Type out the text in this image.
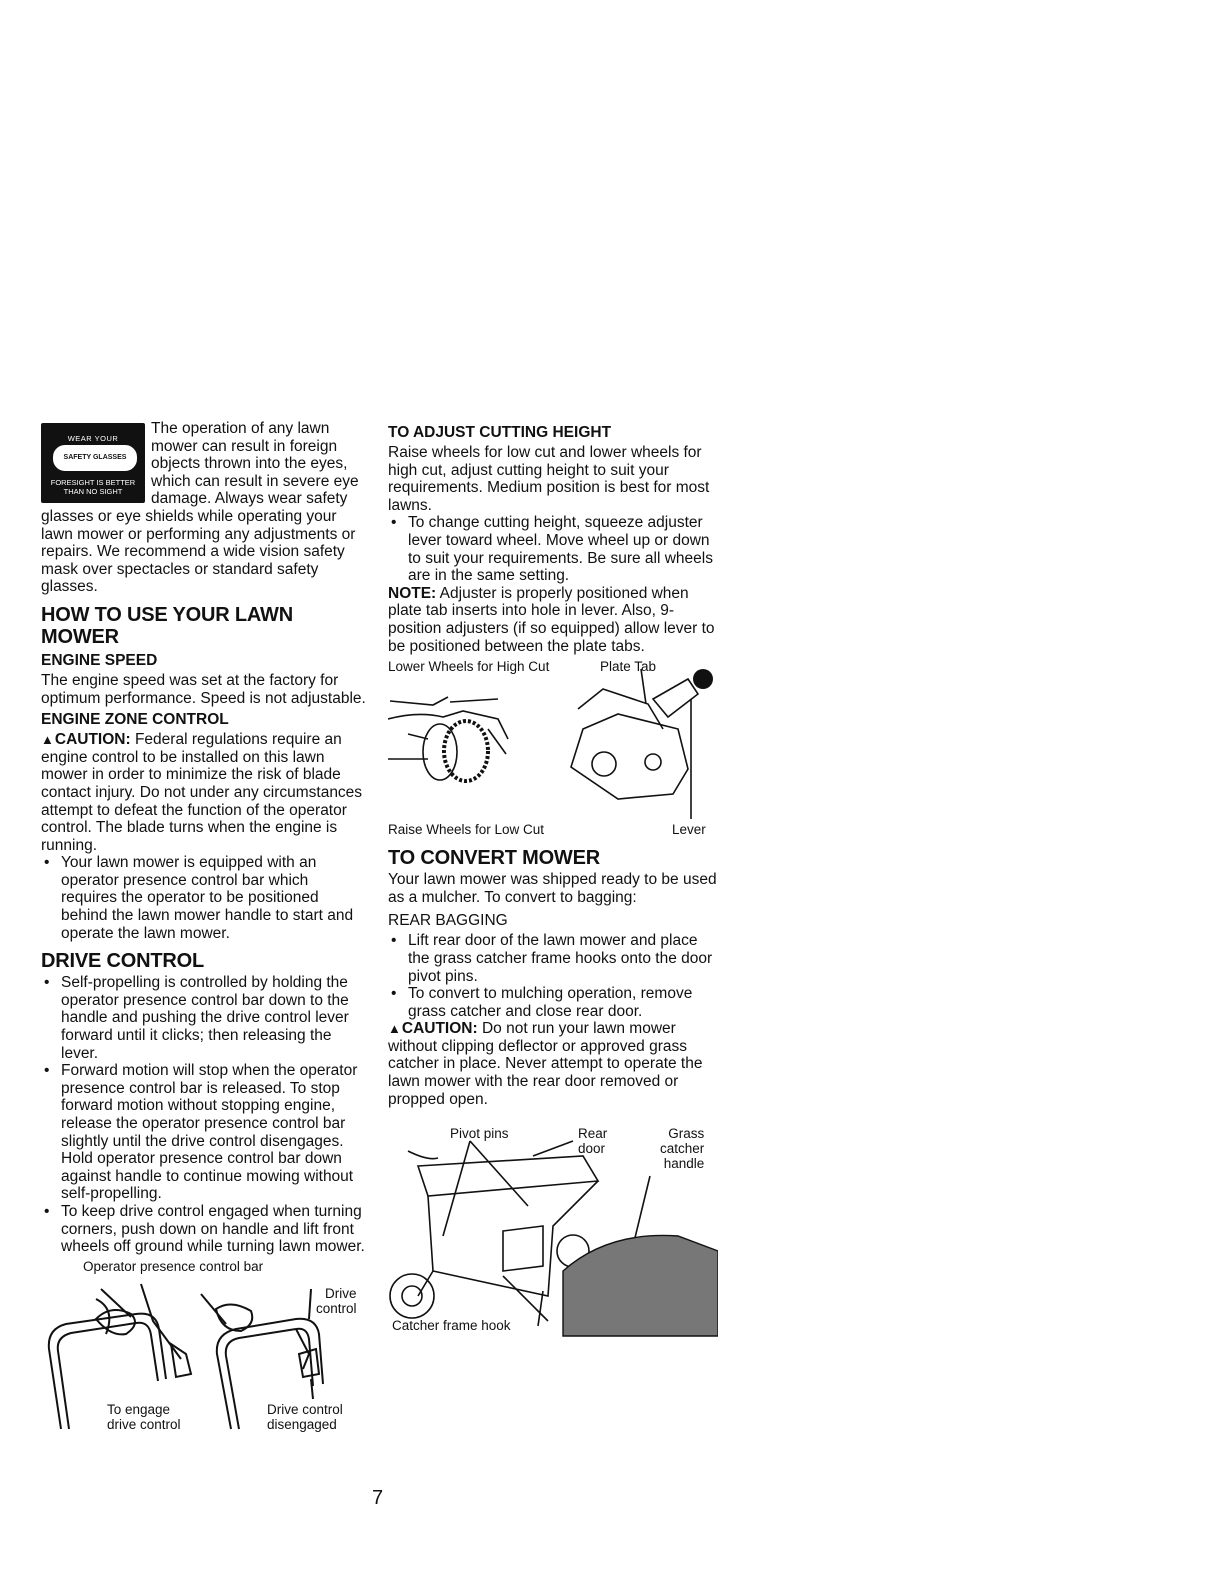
WEAR YOUR
SAFETY GLASSES
FORESIGHT IS BETTER
THAN NO SIGHT

The operation of any lawn mower can result in foreign objects thrown into the eyes, which can result in severe eye damage. Always wear safety glasses or eye shields while operating your lawn mower or performing any adjustments or repairs. We recommend a wide vision safety mask over spectacles or standard safety glasses.

HOW TO USE YOUR LAWN MOWER
ENGINE SPEED

The engine speed was set at the factory for optimum performance. Speed is not adjustable.

ENGINE ZONE CONTROL

▲CAUTION: Federal regulations require an engine control to be installed on this lawn mower in order to minimize the risk of blade contact injury. Do not under any circumstances attempt to defeat the function of the operator control. The blade turns when the engine is running.

• Your lawn mower is equipped with an operator presence control bar which requires the operator to be positioned behind the lawn mower handle to start and operate the lawn mower.
DRIVE CONTROL
• Self-propelling is controlled by holding the operator presence control bar down to the handle and pushing the drive control lever forward until it clicks; then releasing the lever.
• Forward motion will stop when the operator presence control bar is released. To stop forward motion without stopping engine, release the operator presence control bar slightly until the drive control disengages. Hold operator presence control bar down against handle to continue mowing without self-propelling.
• To keep drive control engaged when turning corners, push down on handle and lift front wheels off ground while turning lawn mower.
Operator presence control bar
Drive
control
To engage
drive control
Drive control
disengaged
TO ADJUST CUTTING HEIGHT

Raise wheels for low cut and lower wheels for high cut, adjust cutting height to suit your requirements. Medium position is best for most lawns.

• To change cutting height, squeeze adjuster lever toward wheel. Move wheel up or down to suit your requirements. Be sure all wheels are in the same setting.

NOTE: Adjuster is properly positioned when plate tab inserts into hole in lever. Also, 9-position adjusters (if so equipped) allow lever to be positioned between the plate tabs.

Lower Wheels for High Cut	Plate Tab
Raise Wheels for Low Cut	Lever
TO CONVERT MOWER

Your lawn mower was shipped ready to be used as a mulcher. To convert to bagging:

REAR BAGGING
• Lift rear door of the lawn mower and place the grass catcher frame hooks onto the door pivot pins.
• To convert to mulching operation, remove grass catcher and close rear door.

▲CAUTION: Do not run your lawn mower without clipping deflector or approved grass catcher in place. Never attempt to operate the lawn mower with the rear door removed or propped open.

Pivot pins	Rear
door
Grass
catcher
handle
Catcher frame hook
7
